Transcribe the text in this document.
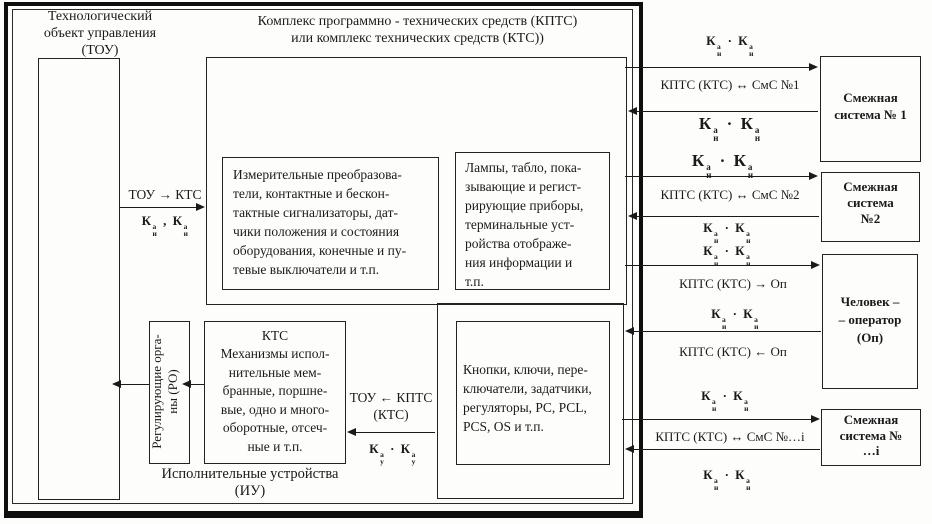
Технологический
объект управления
(ТОУ)
Комплекс программно - технических средств (КПТС)
или комплекс технических средств (КТС))
Измерительные преобразова-
тели, контактные и бескон-
тактные сигнализаторы, дат-
чики положения и состояния
оборудования, конечные и пу-
тевые выключатели и т.п.
Лампы, табло, пока-
зывающие и регист-
рирующие приборы,
терминальные уст-
ройства отображе-
ния информации и
т.п.
КТС
Механизмы испол-
нительные мем-
бранные, поршне-
вые, одно и много-
оборотные, отсеч-
ные и т.п.
Кнопки, ключи, пере-
ключатели, задатчики,
регуляторы, PC, PCL,
PCS, OS и т.п.
Регулирующие орга-
ны (РО)
Исполнительные устройства
(ИУ)
ТОУ → КТС
К а
и
, К а
и
ТОУ ← КПТС
(КТС)
К а
у
· К а
у
К а
н
· К а
н
КПТС (КТС) ↔ СмС №1
К а
н
· К а
н
К а
н
· К а
н
КПТС (КТС) ↔ СмС №2
К а
н
· К а
н
К а
н
· К а
н
КПТС (КТС) → Оп
К а
и
· К а
и
КПТС (КТС) ← Оп
К а
н
· К а
н
КПТС (КТС) ↔ СмС №…i
К а
н
· К а
н
Смежная
система № 1
Смежная
система
№2
Человек –
– оператор
(Оп)
Смежная
система №
…i
